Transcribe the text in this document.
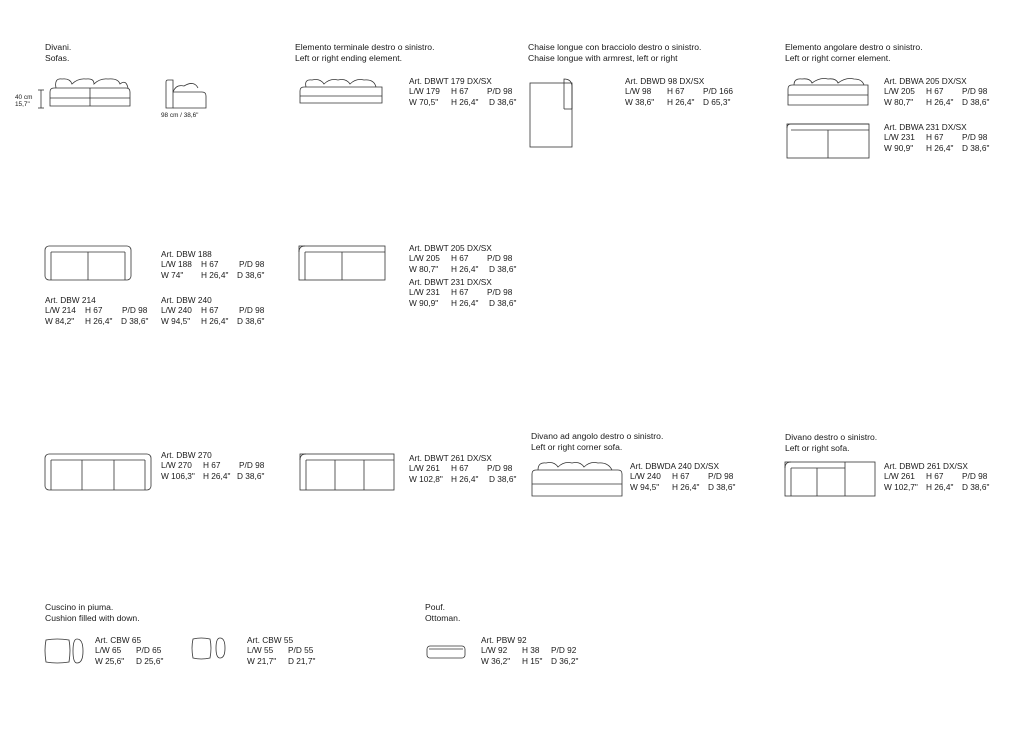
Divani.
Sofas.
Elemento terminale destro o sinistro.
Left or right ending element.
Chaise longue con bracciolo destro o sinistro.
Chaise longue with armrest, left or right
Elemento angolare destro o sinistro.
Left or right corner element.
Divano ad angolo destro o sinistro.
Left or right corner sofa.
Divano destro o sinistro.
Left or right sofa.
Cuscino in piuma.
Cushion filled with down.
Pouf.
Ottoman.
40 cm
15,7"
98 cm / 38,6"
Art. DBWT 179 DX/SX
L/W 179 H 67 P/D 98
W 70,5" H 26,4" D 38,6"
Art. DBWD 98 DX/SX
L/W 98 H 67 P/D 166
W 38,6" H 26,4" D 65,3"
Art. DBWA 205 DX/SX
L/W 205 H 67 P/D 98
W 80,7" H 26,4" D 38,6"
Art. DBWA 231 DX/SX
L/W 231 H 67 P/D 98
W 90,9" H 26,4" D 38,6"
Art. DBW 188
L/W 188 H 67 P/D 98
W 74" H 26,4" D 38,6"
Art. DBW 214
L/W 214 H 67 P/D 98
W 84,2" H 26,4" D 38,6"
Art. DBW 240
L/W 240 H 67 P/D 98
W 94,5" H 26,4" D 38,6"
Art. DBWT 205 DX/SX
L/W 205 H 67 P/D 98
W 80,7" H 26,4" D 38,6"
Art. DBWT 231 DX/SX
L/W 231 H 67 P/D 98
W 90,9" H 26,4" D 38,6"
Art. DBW 270
L/W 270 H 67 P/D 98
W 106,3" H 26,4" D 38,6"
Art. DBWT 261 DX/SX
L/W 261 H 67 P/D 98
W 102,8" H 26,4" D 38,6"
Art. DBWDA 240 DX/SX
L/W 240 H 67 P/D 98
W 94,5" H 26,4" D 38,6"
Art. DBWD 261 DX/SX
L/W 261 H 67 P/D 98
W 102,7" H 26,4" D 38,6"
Art. CBW 65
L/W 65 P/D 65
W 25,6" D 25,6"
Art. CBW 55
L/W 55 P/D 55
W 21,7" D 21,7"
Art. PBW 92
L/W 92 H 38 P/D 92
W 36,2" H 15" D 36,2"
